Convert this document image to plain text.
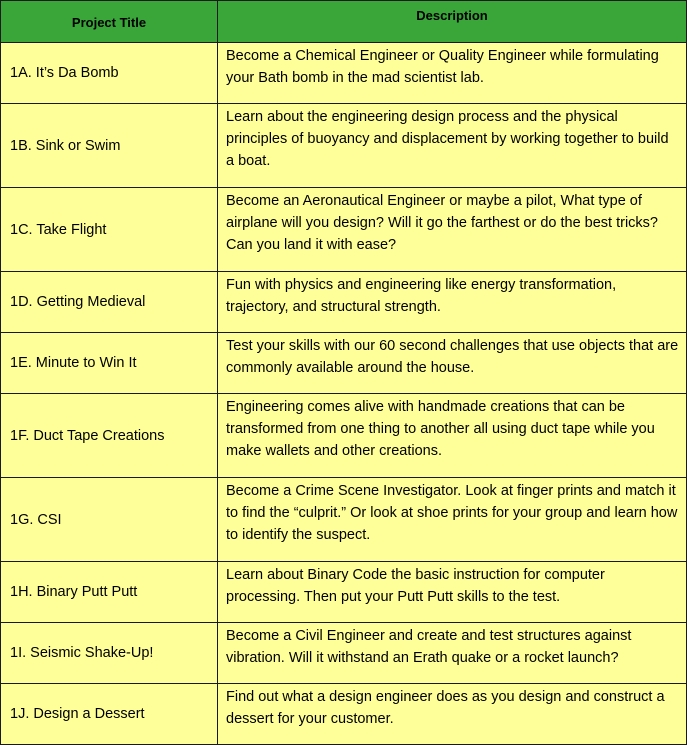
Project Title	Description
1A. It’s Da Bomb	Become a Chemical Engineer or Quality Engineer while formulating your Bath bomb in the mad scientist lab.
1B. Sink or Swim	Learn about the engineering design process and the physical principles of buoyancy and displacement by working together to build a boat.
1C. Take Flight	Become an Aeronautical Engineer or maybe a pilot, What type of airplane will you design? Will it go the farthest or do the best tricks? Can you land it with ease?
1D. Getting Medieval	Fun with physics and engineering like energy transformation, trajectory, and structural strength.
1E. Minute to Win It	Test your skills with our 60 second challenges that use objects that are commonly available around the house.
1F. Duct Tape Creations	Engineering comes alive with handmade creations that can be transformed from one thing to another all using duct tape while you make wallets and other creations.
1G. CSI	Become a Crime Scene Investigator. Look at finger prints and match it to find the “culprit.” Or look at shoe prints for your group and learn how to identify the suspect.
1H. Binary Putt Putt	Learn about Binary Code the basic instruction for computer processing. Then put your Putt Putt skills to the test.
1I. Seismic Shake-Up!	Become a Civil Engineer and create and test structures against vibration. Will it withstand an Erath quake or a rocket launch?
1J. Design a Dessert	Find out what a design engineer does as you design and construct a dessert for your customer.
